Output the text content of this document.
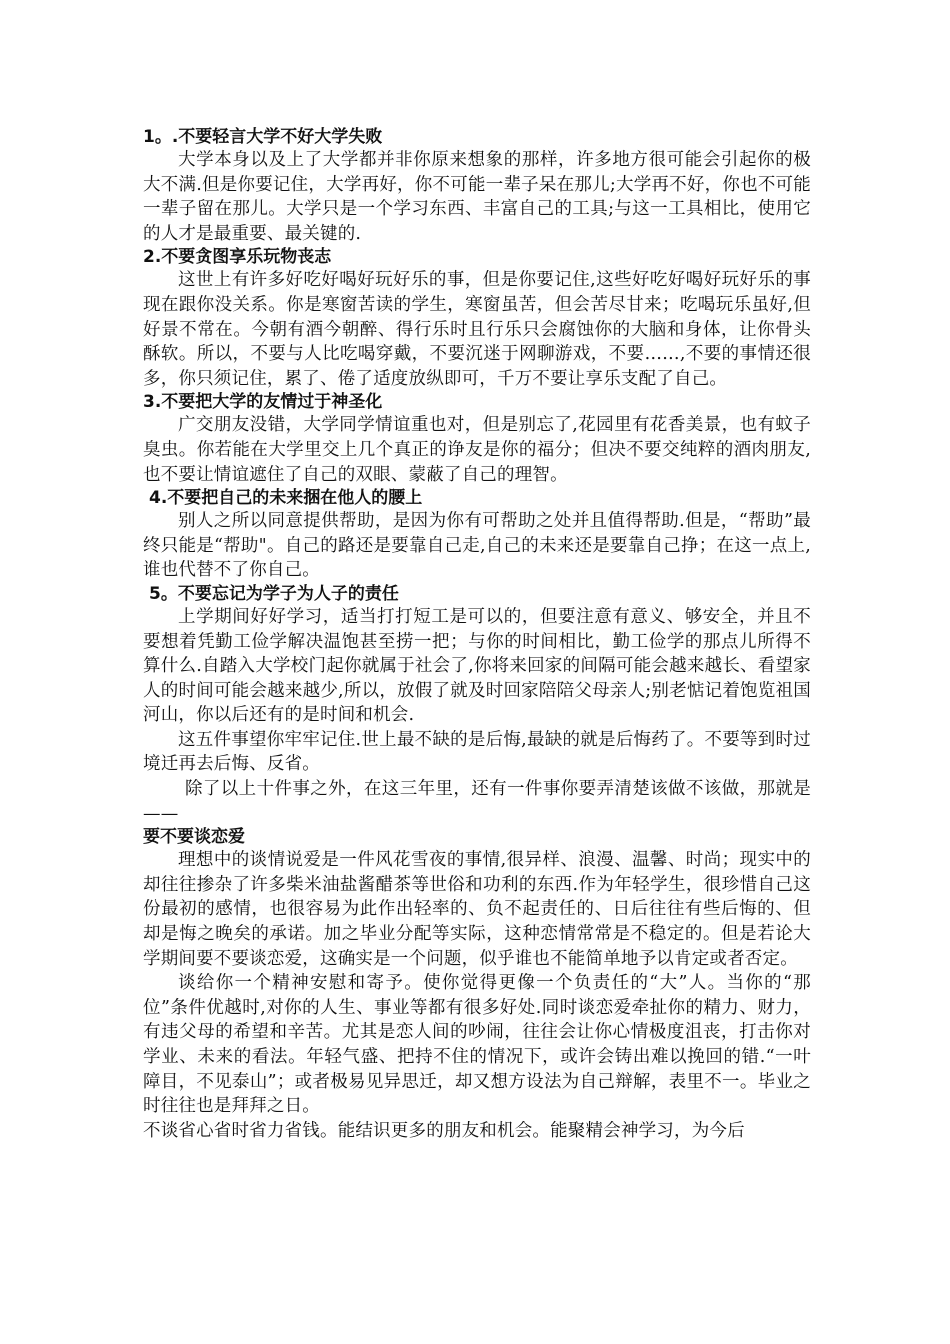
1。.不要轻言大学不好大学失败

大学本身以及上了大学都并非你原来想象的那样，许多地方很可能会引起你的极大不满.但是你要记住，大学再好，你不可能一辈子呆在那儿;大学再不好，你也不可能一辈子留在那儿。大学只是一个学习东西、丰富自己的工具;与这一工具相比，使用它的人才是最重要、最关键的.

2.不要贪图享乐玩物丧志

这世上有许多好吃好喝好玩好乐的事，但是你要记住,这些好吃好喝好玩好乐的事现在跟你没关系。你是寒窗苦读的学生，寒窗虽苦，但会苦尽甘来；吃喝玩乐虽好,但好景不常在。今朝有酒今朝醉、得行乐时且行乐只会腐蚀你的大脑和身体，让你骨头酥软。所以，不要与人比吃喝穿戴，不要沉迷于网聊游戏，不要……,不要的事情还很多，你只须记住，累了、倦了适度放纵即可，千万不要让享乐支配了自己。

3.不要把大学的友情过于神圣化

广交朋友没错，大学同学情谊重也对，但是别忘了,花园里有花香美景，也有蚊子臭虫。你若能在大学里交上几个真正的诤友是你的福分；但决不要交纯粹的酒肉朋友,也不要让情谊遮住了自己的双眼、蒙蔽了自己的理智。

4.不要把自己的未来捆在他人的腰上

别人之所以同意提供帮助，是因为你有可帮助之处并且值得帮助.但是，“帮助”最终只能是“帮助"。自己的路还是要靠自己走,自己的未来还是要靠自己挣；在这一点上,谁也代替不了你自己。

5。不要忘记为学子为人子的责任

上学期间好好学习，适当打打短工是可以的，但要注意有意义、够安全，并且不要想着凭勤工俭学解决温饱甚至捞一把；与你的时间相比，勤工俭学的那点儿所得不算什么.自踏入大学校门起你就属于社会了,你将来回家的间隔可能会越来越长、看望家人的时间可能会越来越少,所以，放假了就及时回家陪陪父母亲人;别老惦记着饱览祖国河山，你以后还有的是时间和机会.

这五件事望你牢牢记住.世上最不缺的是后悔,最缺的就是后悔药了。不要等到时过境迁再去后悔、反省。

除了以上十件事之外，在这三年里，还有一件事你要弄清楚该做不该做，那就是——

要不要谈恋爱

理想中的谈情说爱是一件风花雪夜的事情,很异样、浪漫、温馨、时尚；现实中的却往往掺杂了许多柴米油盐酱醋茶等世俗和功利的东西.作为年轻学生，很珍惜自己这份最初的感情，也很容易为此作出轻率的、负不起责任的、日后往往有些后悔的、但却是悔之晚矣的承诺。加之毕业分配等实际，这种恋情常常是不稳定的。但是若论大学期间要不要谈恋爱，这确实是一个问题，似乎谁也不能简单地予以肯定或者否定。

谈给你一个精神安慰和寄予。使你觉得更像一个负责任的“大”人。当你的“那位”条件优越时,对你的人生、事业等都有很多好处.同时谈恋爱牵扯你的精力、财力，有违父母的希望和辛苦。尤其是恋人间的吵闹，往往会让你心情极度沮丧，打击你对学业、未来的看法。年轻气盛、把持不住的情况下，或许会铸出难以挽回的错.“一叶障目，不见泰山”；或者极易见异思迁，却又想方设法为自己辩解，表里不一。毕业之时往往也是拜拜之日。

不谈省心省时省力省钱。能结识更多的朋友和机会。能聚精会神学习，为今后
